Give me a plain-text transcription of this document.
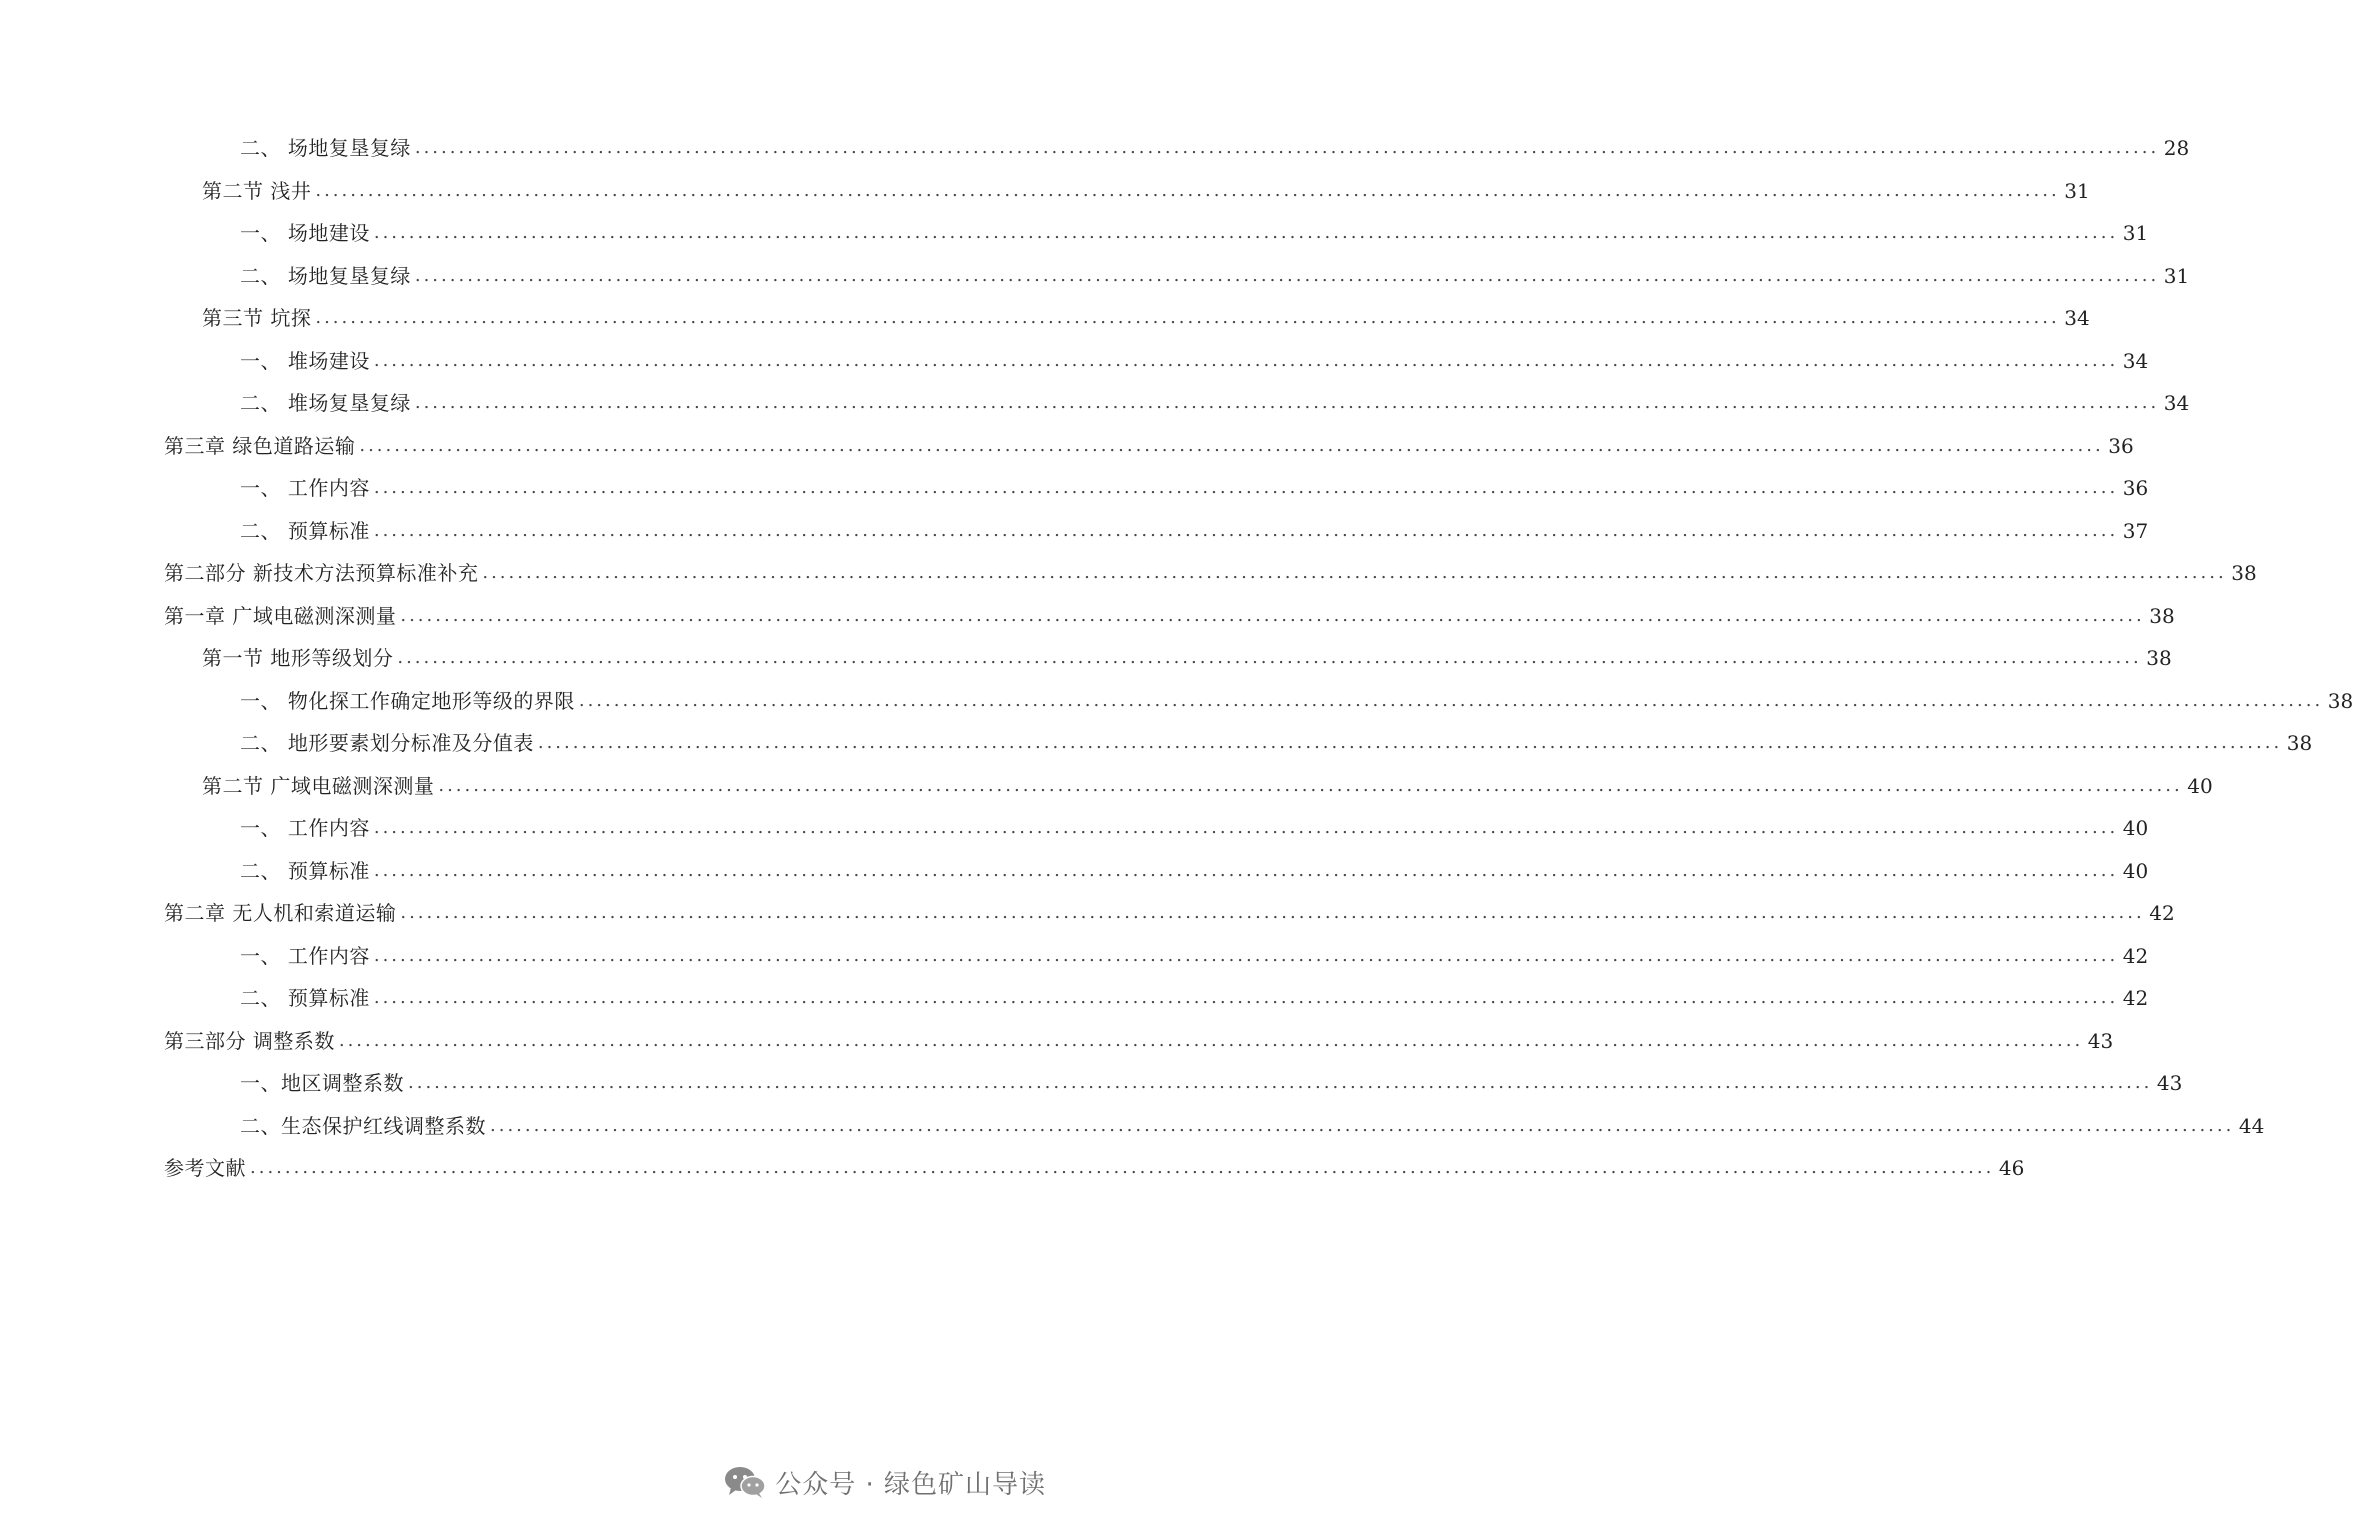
二、 场地复垦复绿 ........................................................................................................................................................................................................ 28
第二节 浅井 ........................................................................................................................................................................................................ 31
一、 场地建设 ........................................................................................................................................................................................................ 31
二、 场地复垦复绿 ........................................................................................................................................................................................................ 31
第三节 坑探 ........................................................................................................................................................................................................ 34
一、 堆场建设 ........................................................................................................................................................................................................ 34
二、 堆场复垦复绿 ........................................................................................................................................................................................................ 34
第三章 绿色道路运输 ........................................................................................................................................................................................................ 36
一、 工作内容 ........................................................................................................................................................................................................ 36
二、 预算标准 ........................................................................................................................................................................................................ 37
第二部分 新技术方法预算标准补充 ........................................................................................................................................................................................................ 38
第一章 广域电磁测深测量 ........................................................................................................................................................................................................ 38
第一节 地形等级划分 ........................................................................................................................................................................................................ 38
一、 物化探工作确定地形等级的界限 ........................................................................................................................................................................................................ 38
二、 地形要素划分标准及分值表 ........................................................................................................................................................................................................ 38
第二节 广域电磁测深测量 ........................................................................................................................................................................................................ 40
一、 工作内容 ........................................................................................................................................................................................................ 40
二、 预算标准 ........................................................................................................................................................................................................ 40
第二章 无人机和索道运输 ........................................................................................................................................................................................................ 42
一、 工作内容 ........................................................................................................................................................................................................ 42
二、 预算标准 ........................................................................................................................................................................................................ 42
第三部分 调整系数 ........................................................................................................................................................................................................ 43
一、地区调整系数 ........................................................................................................................................................................................................ 43
二、生态保护红线调整系数 ........................................................................................................................................................................................................ 44
参考文献 ........................................................................................................................................................................................................ 46
公众号 · 绿色矿山导读
